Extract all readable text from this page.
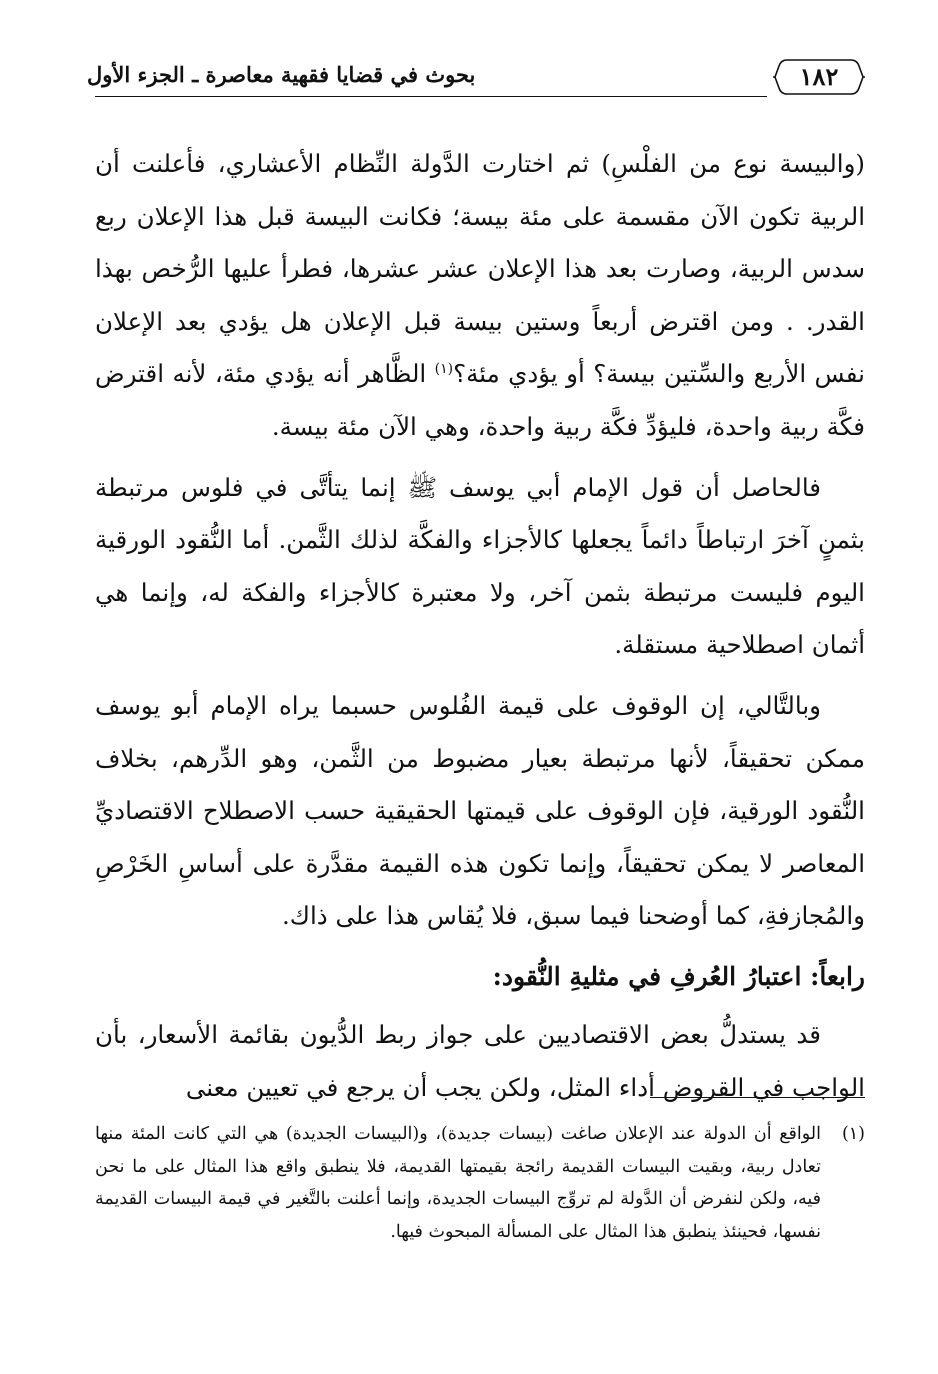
١٨٢
بحوث في قضايا فقهية معاصرة ـ الجزء الأول

(والبيسة نوع من الفلْسِ) ثم اختارت الدَّولة النِّظام الأعشاري، فأعلنت أن الربية تكون الآن مقسمة على مئة بيسة؛ فكانت البيسة قبل هذا الإعلان ربع سدس الربية، وصارت بعد هذا الإعلان عشر عشرها، فطرأ عليها الرُّخص بهذا القدر. . ومن اقترض أربعاً وستين بيسة قبل الإعلان هل يؤدي بعد الإعلان نفس الأربع والسِّتين بيسة؟ أو يؤدي مئة؟$^{(١)}$ الظَّاهر أنه يؤدي مئة، لأنه اقترض فكَّة ربية واحدة، فليؤدِّ فكَّة ربية واحدة، وهي الآن مئة بيسة.

فالحاصل أن قول الإمام أبي يوسف ﷺ إنما يتأتَّى في فلوس مرتبطة بثمنٍ آخرَ ارتباطاً دائماً يجعلها كالأجزاء والفكَّة لذلك الثَّمن. أما النُّقود الورقية اليوم فليست مرتبطة بثمن آخر، ولا معتبرة كالأجزاء والفكة له، وإنما هي أثمان اصطلاحية مستقلة.

وبالتَّالي، إن الوقوف على قيمة الفُلوس حسبما يراه الإمام أبو يوسف ممكن تحقيقاً، لأنها مرتبطة بعيار مضبوط من الثَّمن، وهو الدِّرهم، بخلاف النُّقود الورقية، فإن الوقوف على قيمتها الحقيقية حسب الاصطلاح الاقتصاديِّ المعاصر لا يمكن تحقيقاً، وإنما تكون هذه القيمة مقدَّرة على أساسِ الخَرْصِ والمُجازفةِ، كما أوضحنا فيما سبق، فلا يُقاس هذا على ذاك.

رابعاً: اعتبارُ العُرفِ في مثليةِ النُّقود:

قد يستدلُّ بعض الاقتصاديين على جواز ربط الدُّيون بقائمة الأسعار، بأن الواجب في القروض أداء المثل، ولكن يجب أن يرجع في تعيين معنى

(١)
الواقع أن الدولة عند الإعلان صاغت (بيسات جديدة)، و(البيسات الجديدة) هي التي كانت المئة منها تعادل ربية، وبقيت البيسات القديمة رائجة بقيمتها القديمة، فلا ينطبق واقع هذا المثال على ما نحن فيه، ولكن لنفرض أن الدَّولة لم تروِّج البيسات الجديدة، وإنما أعلنت بالتَّغير في قيمة البيسات القديمة نفسها، فحينئذ ينطبق هذا المثال على المسألة المبحوث فيها.
